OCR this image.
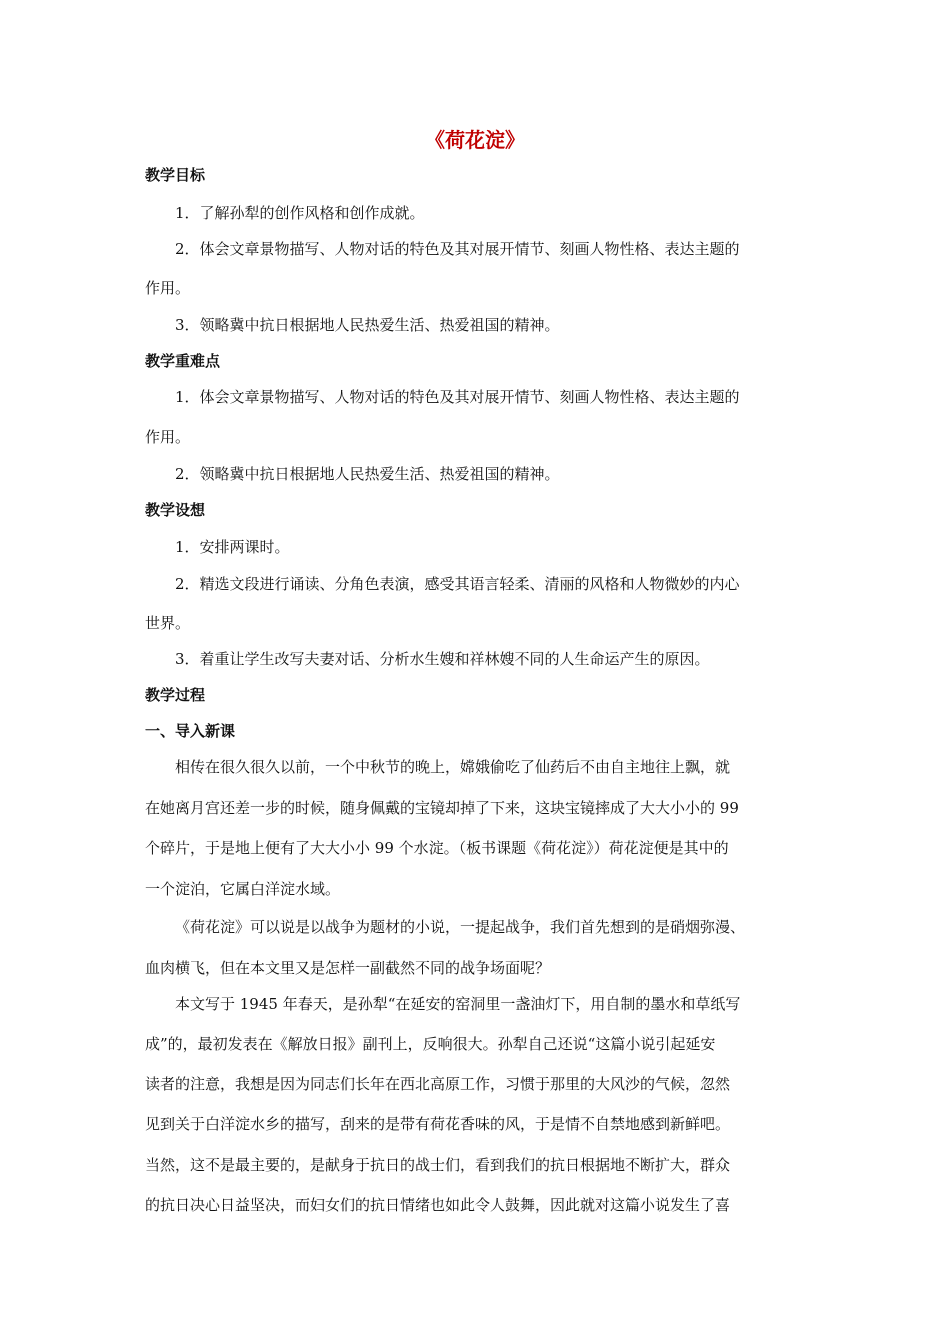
《荷花淀》
教学目标

1．了解孙犁的创作风格和创作成就。

2．体会文章景物描写、人物对话的特色及其对展开情节、刻画人物性格、表达主题的

作用。

3．领略冀中抗日根据地人民热爱生活、热爱祖国的精神。

教学重难点

1．体会文章景物描写、人物对话的特色及其对展开情节、刻画人物性格、表达主题的

作用。

2．领略冀中抗日根据地人民热爱生活、热爱祖国的精神。

教学设想

1．安排两课时。

2．精选文段进行诵读、分角色表演，感受其语言轻柔、清丽的风格和人物微妙的内心

世界。

3．着重让学生改写夫妻对话、分析水生嫂和祥林嫂不同的人生命运产生的原因。

教学过程
一、导入新课

相传在很久很久以前，一个中秋节的晚上，嫦娥偷吃了仙药后不由自主地往上飘，就

在她离月宫还差一步的时候，随身佩戴的宝镜却掉了下来，这块宝镜摔成了大大小小的 99

个碎片，于是地上便有了大大小小 99 个水淀。（板书课题《荷花淀》）荷花淀便是其中的

一个淀泊，它属白洋淀水域。

《荷花淀》可以说是以战争为题材的小说，一提起战争，我们首先想到的是硝烟弥漫、

血肉横飞，但在本文里又是怎样一副截然不同的战争场面呢？

本文写于 1945 年春天，是孙犁“在延安的窑洞里一盏油灯下，用自制的墨水和草纸写

成”的，最初发表在《解放日报》副刊上，反响很大。孙犁自己还说“这篇小说引起延安

读者的注意，我想是因为同志们长年在西北高原工作，习惯于那里的大风沙的气候，忽然

见到关于白洋淀水乡的描写，刮来的是带有荷花香味的风，于是情不自禁地感到新鲜吧。

当然，这不是最主要的，是献身于抗日的战士们，看到我们的抗日根据地不断扩大，群众

的抗日决心日益坚决，而妇女们的抗日情绪也如此令人鼓舞，因此就对这篇小说发生了喜
